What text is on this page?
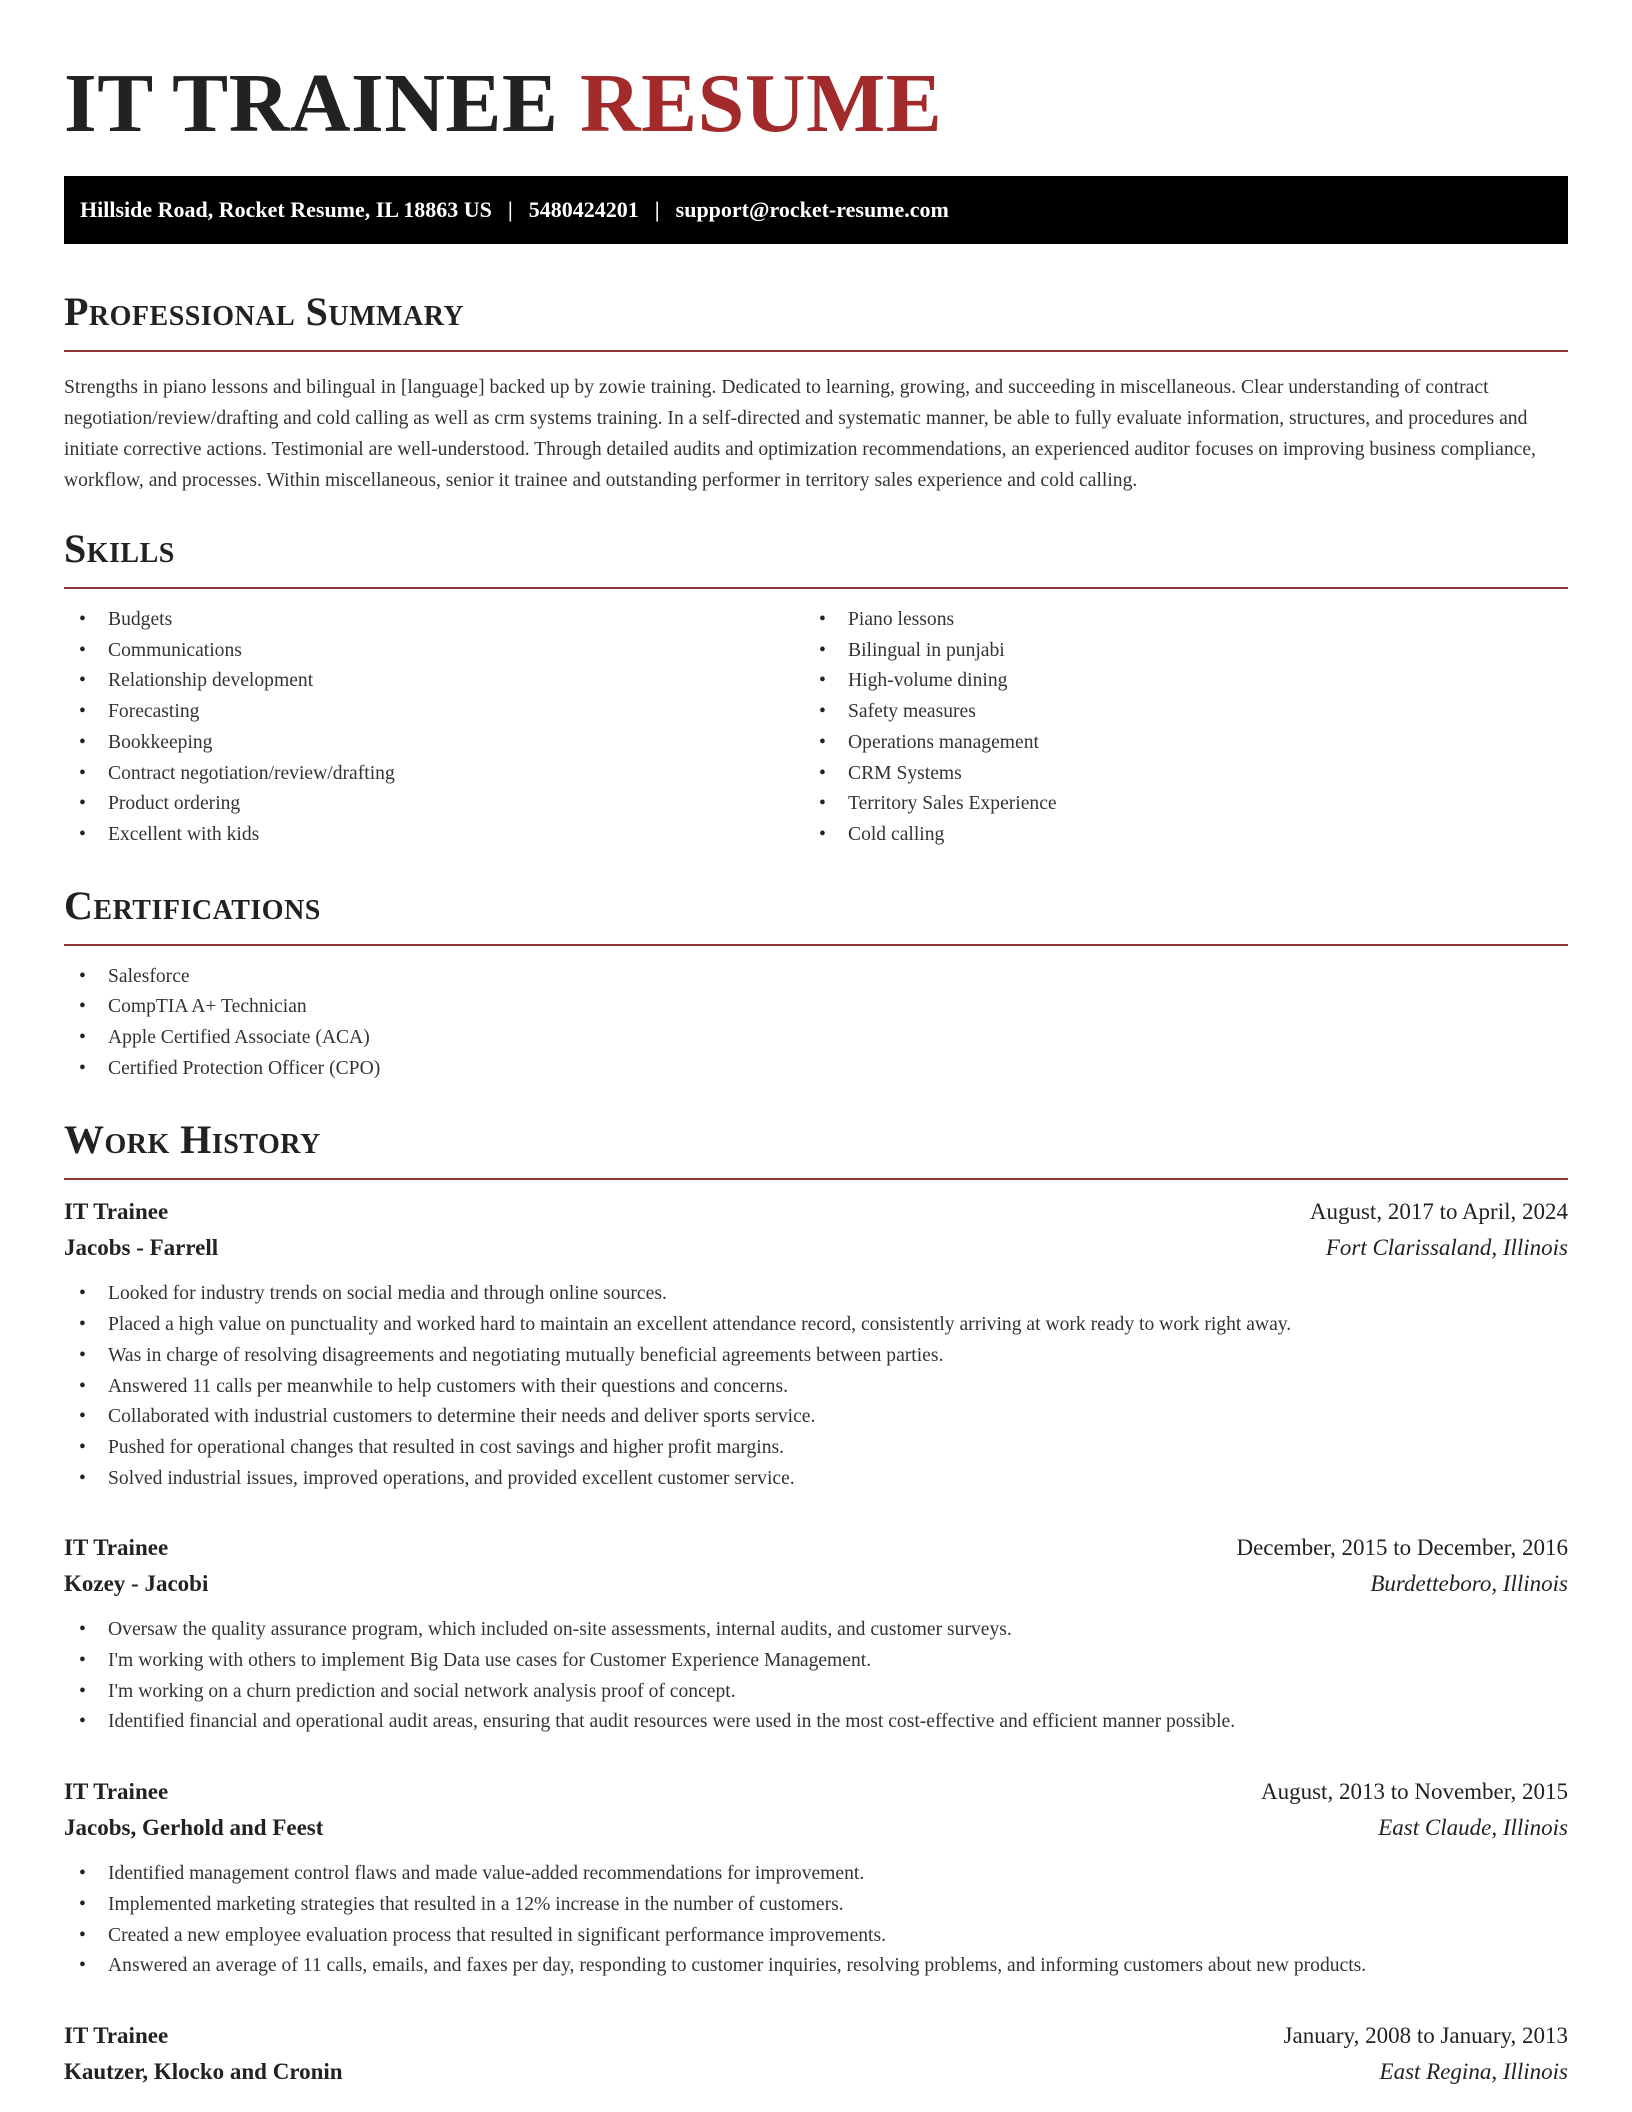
IT TRAINEE RESUME
Hillside Road, Rocket Resume, IL 18863 US | 5480424201 | support@rocket-resume.com
Professional Summary

Strengths in piano lessons and bilingual in [language] backed up by zowie training. Dedicated to learning, growing, and succeeding in miscellaneous. Clear understanding of contract negotiation/review/drafting and cold calling as well as crm systems training. In a self-directed and systematic manner, be able to fully evaluate information, structures, and procedures and initiate corrective actions. Testimonial are well-understood. Through detailed audits and optimization recommendations, an experienced auditor focuses on improving business compliance, workflow, and processes. Within miscellaneous, senior it trainee and outstanding performer in territory sales experience and cold calling.

Skills
• Budgets
• Communications
• Relationship development
• Forecasting
• Bookkeeping
• Contract negotiation/review/drafting
• Product ordering
• Excellent with kids
• Piano lessons
• Bilingual in punjabi
• High-volume dining
• Safety measures
• Operations management
• CRM Systems
• Territory Sales Experience
• Cold calling
Certifications
• Salesforce
• CompTIA A+ Technician
• Apple Certified Associate (ACA)
• Certified Protection Officer (CPO)
Work History
IT Trainee	August, 2017 to April, 2024
Jacobs - Farrell	Fort Clarissaland, Illinois
• Looked for industry trends on social media and through online sources.
• Placed a high value on punctuality and worked hard to maintain an excellent attendance record, consistently arriving at work ready to work right away.
• Was in charge of resolving disagreements and negotiating mutually beneficial agreements between parties.
• Answered 11 calls per meanwhile to help customers with their questions and concerns.
• Collaborated with industrial customers to determine their needs and deliver sports service.
• Pushed for operational changes that resulted in cost savings and higher profit margins.
• Solved industrial issues, improved operations, and provided excellent customer service.
IT Trainee	December, 2015 to December, 2016
Kozey - Jacobi	Burdetteboro, Illinois
• Oversaw the quality assurance program, which included on-site assessments, internal audits, and customer surveys.
• I'm working with others to implement Big Data use cases for Customer Experience Management.
• I'm working on a churn prediction and social network analysis proof of concept.
• Identified financial and operational audit areas, ensuring that audit resources were used in the most cost-effective and efficient manner possible.
IT Trainee	August, 2013 to November, 2015
Jacobs, Gerhold and Feest	East Claude, Illinois
• Identified management control flaws and made value-added recommendations for improvement.
• Implemented marketing strategies that resulted in a 12% increase in the number of customers.
• Created a new employee evaluation process that resulted in significant performance improvements.
• Answered an average of 11 calls, emails, and faxes per day, responding to customer inquiries, resolving problems, and informing customers about new products.
IT Trainee	January, 2008 to January, 2013
Kautzer, Klocko and Cronin	East Regina, Illinois
